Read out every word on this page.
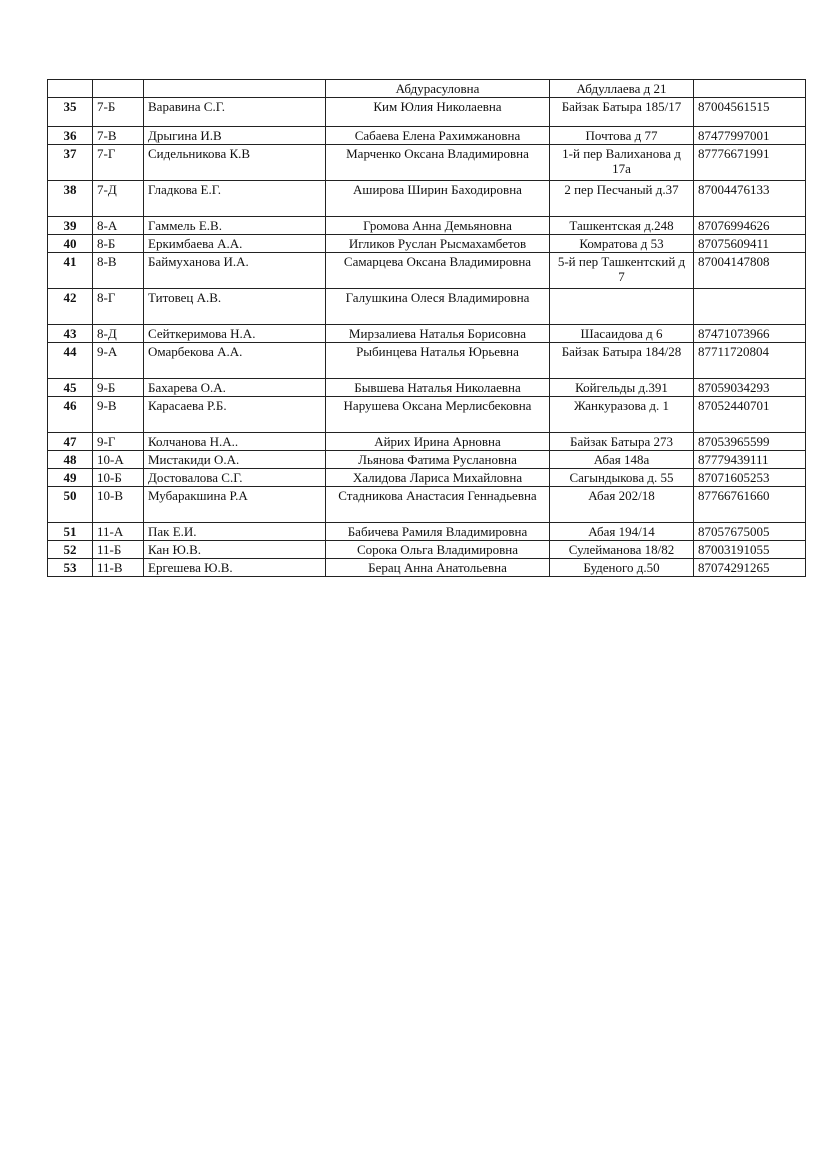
			Абдурасуловна	Абдуллаева д 21	
35	7-Б	Варавина С.Г.	Ким Юлия Николаевна	Байзак Батыра 185/17	87004561515
36	7-В	Дрыгина И.В	Сабаева Елена Рахимжановна	Почтова д 77	87477997001
37	7-Г	Сидельникова К.В	Марченко Оксана Владимировна	1-й пер Валиханова д 17а	87776671991
38	7-Д	Гладкова Е.Г.	Аширова Ширин Баходировна	2 пер Песчаный д.37	87004476133
39	8-А	Гаммель Е.В.	Громова Анна Демьяновна	Ташкентская д.248	87076994626
40	8-Б	Еркимбаева А.А.	Игликов Руслан Рысмахамбетов	Комратова д 53	87075609411
41	8-В	Баймуханова И.А.	Самарцева Оксана Владимировна	5-й пер Ташкентский д 7	87004147808
42	8-Г	Титовец А.В.	Галушкина Олеся Владимировна		
43	8-Д	Сейткеримова Н.А.	Мирзалиева Наталья Борисовна	Шасаидова д 6	87471073966
44	9-А	Омарбекова А.А.	Рыбинцева Наталья Юрьевна	Байзак Батыра 184/28	87711720804
45	9-Б	Бахарева О.А.	Бывшева Наталья Николаевна	Койгельды д.391	87059034293
46	9-В	Карасаева Р.Б.	Нарушева Оксана Мерлисбековна	Жанкуразова д. 1	87052440701
47	9-Г	Колчанова Н.А..	Айрих Ирина Арновна	Байзак Батыра 273	87053965599
48	10-А	Мистакиди О.А.	Льянова Фатима Руслановна	Абая 148а	87779439111
49	10-Б	Достовалова С.Г.	Халидова Лариса Михайловна	Сагындыкова д. 55	87071605253
50	10-В	Мубаракшина Р.А	Стадникова Анастасия Геннадьевна	Абая 202/18	87766761660
51	11-А	Пак Е.И.	Бабичева Рамиля Владимировна	Абая 194/14	87057675005
52	11-Б	Кан Ю.В.	Сорока Ольга Владимировна	Сулейманова 18/82	87003191055
53	11-В	Ергешева Ю.В.	Берац Анна Анатольевна	Буденого д.50	87074291265
